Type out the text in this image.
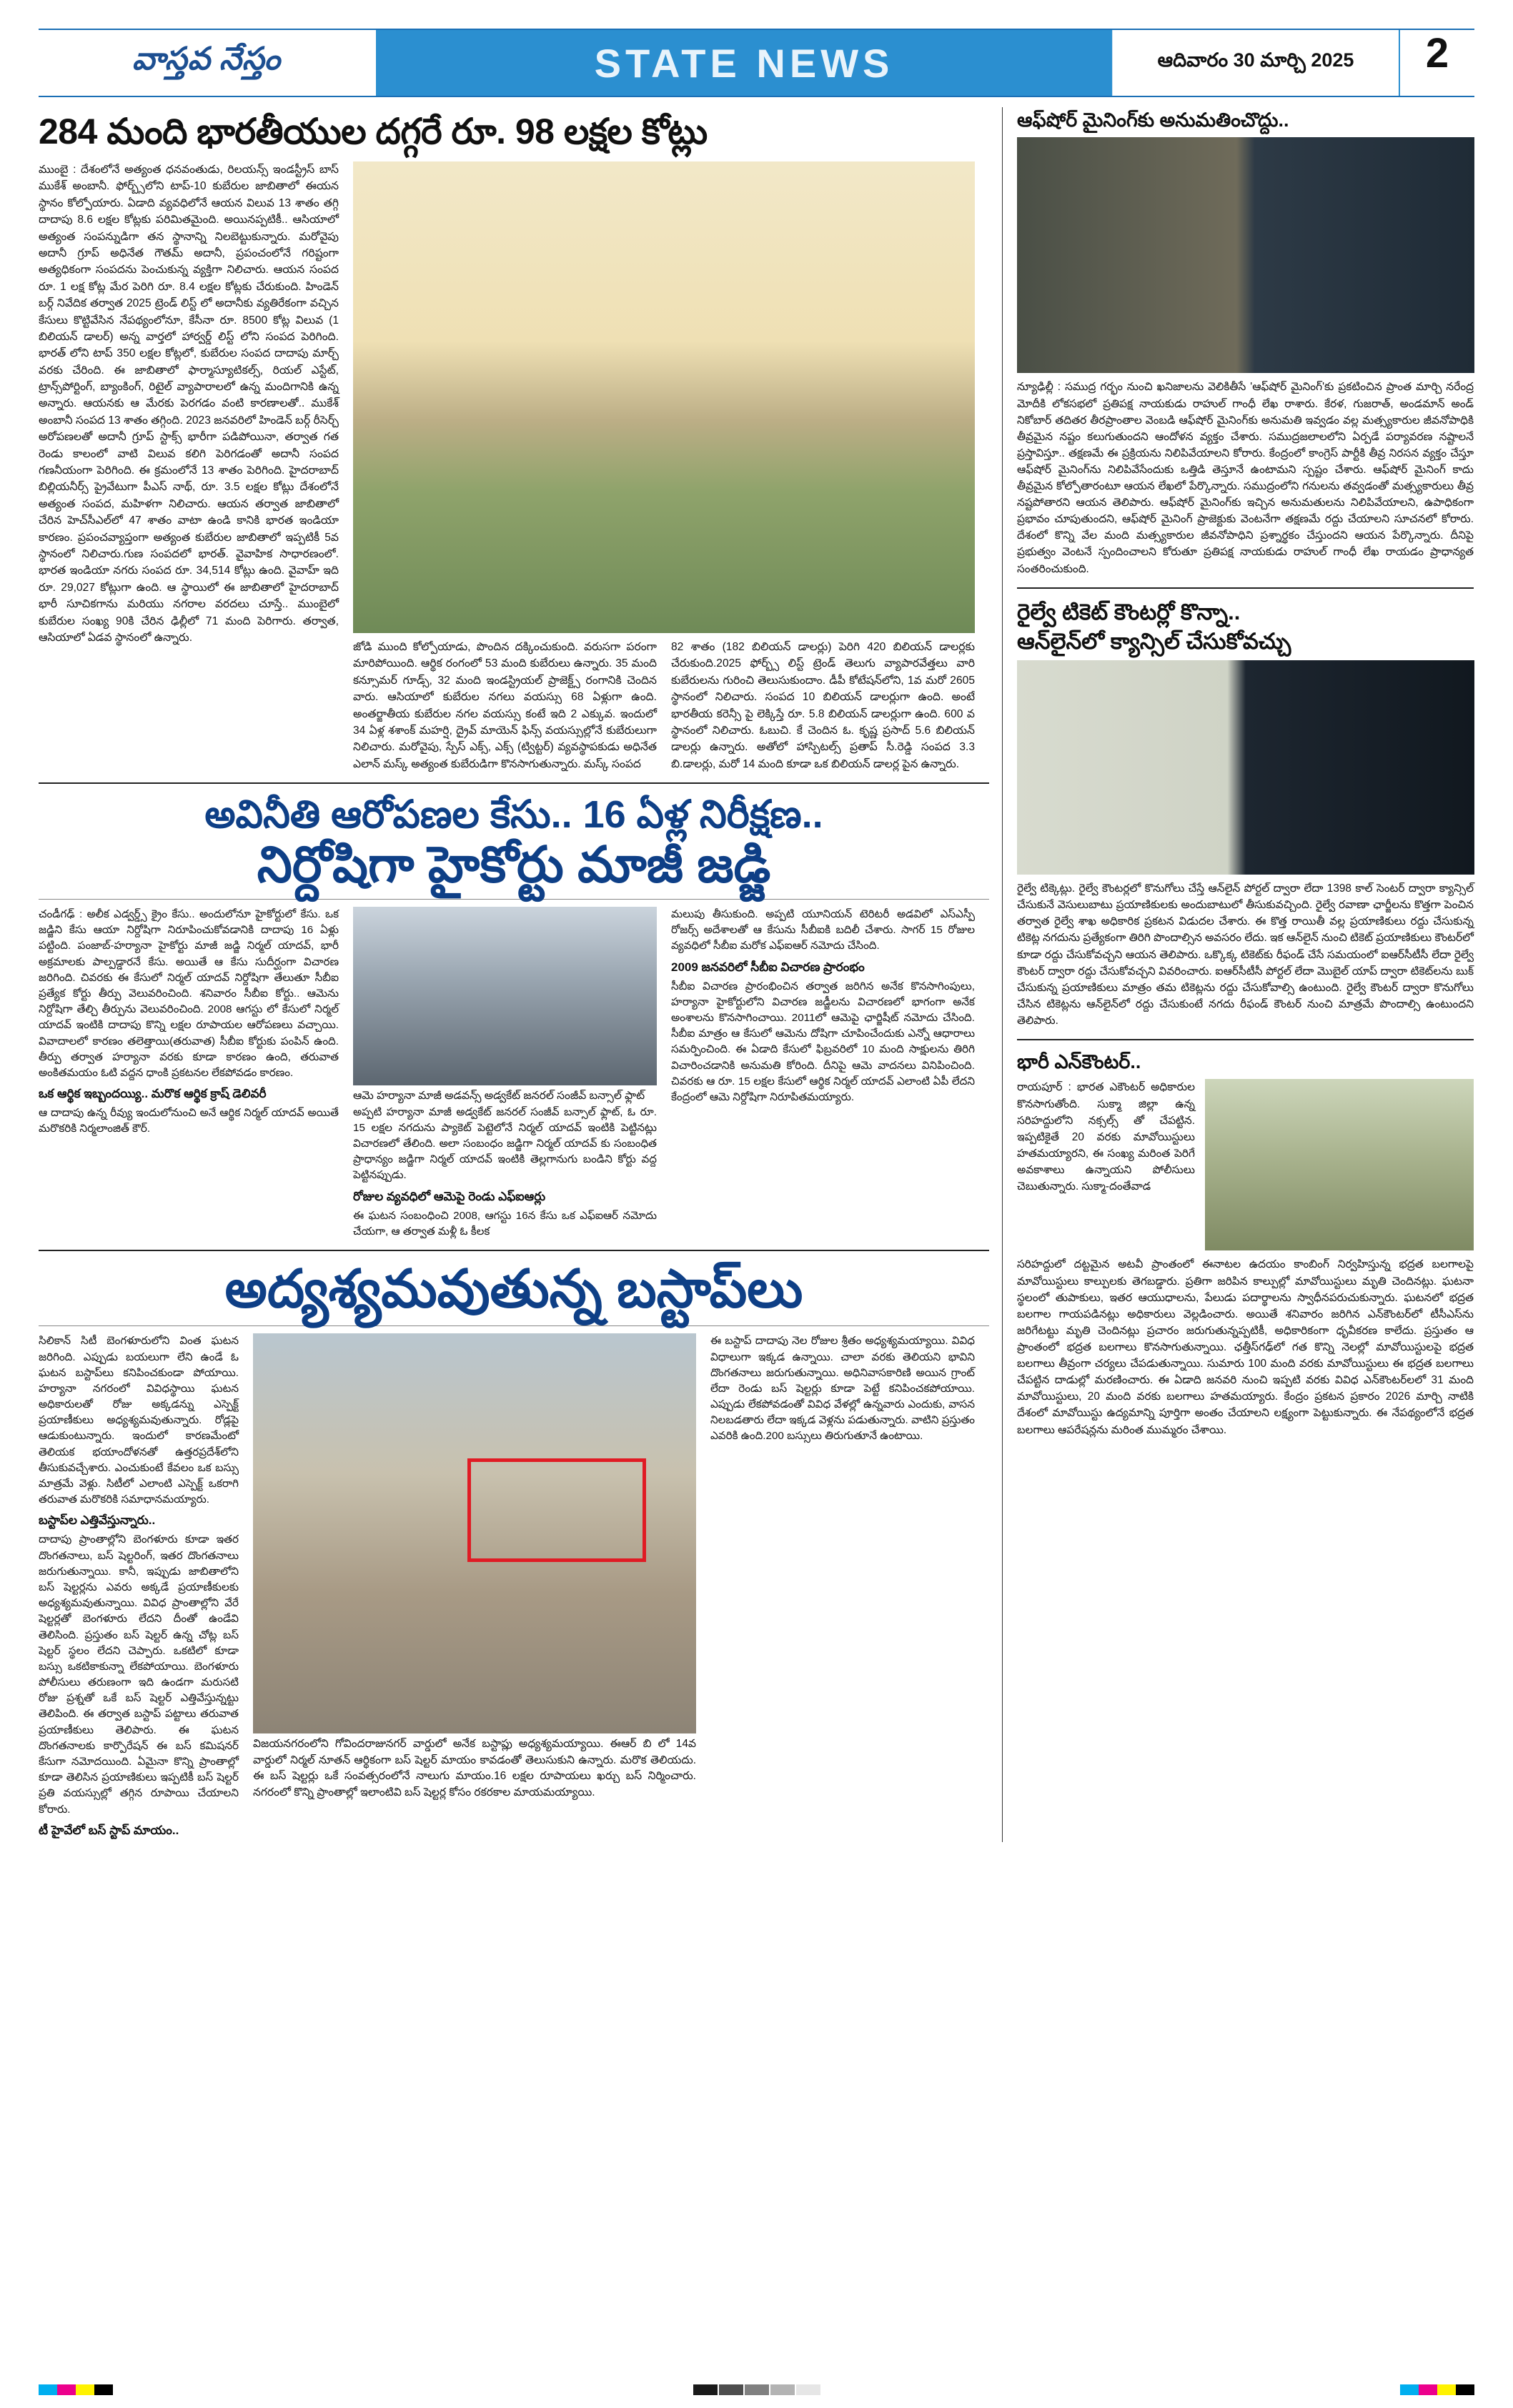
వాస్తవ నేస్తం	STATE NEWS	ఆదివారం 30 మార్చి 2025 2
284 మంది భారతీయుల దగ్గరే రూ. 98 లక్షల కోట్లు
ముంబై : దేశంలోనే అత్యంత ధనవంతుడు, రిలయన్స్ ఇండస్ట్రీస్ బాస్ ముకేశ్ అంబానీ. ఫోర్బ్స్‌లోని టాప్-10 కుబేరుల జాబితాలో ఈయన స్థానం కోల్పోయారు. ఏడాది వ్యవధిలోనే ఆయన విలువ 13 శాతం తగ్గి దాదాపు 8.6 లక్షల కోట్లకు పరిమితమైంది. అయినప్పటికీ.. ఆసియాలో అత్యంత సంపన్నుడిగా తన స్థానాన్ని నిలబెట్టుకున్నారు. మరోవైపు అదానీ గ్రూప్ అధినేత గౌతమ్ అదానీ, ప్రపంచంలోనే గరిష్టంగా అత్యధికంగా సంపదను పెంచుకున్న వ్యక్తిగా నిలిచారు. ఆయన సంపద రూ. 1 లక్ష కోట్ల మేర పెరిగి రూ. 8.4 లక్షల కోట్లకు చేరుకుంది. హిండెన్ బర్గ్ నివేదిక తర్వాత 2025 ట్రెండ్ లిస్ట్ లో అదానీకు వ్యతిరేకంగా వచ్చిన కేసులు కొట్టివేసిన నేపథ్యంలోనూ, కేసీనా రూ. 8500 కోట్ల విలువ (1 బిలియన్ డాలర్) అన్న వార్తలో హార్వర్డ్ లిస్ట్ లోని సంపద పెరిగింది. భారత్ లోని టాప్ 350 లక్షల కోట్లలో, కుబేరుల సంపద దాదాపు మార్చ్ వరకు చేరింది. ఈ జాబితాలో ఫార్మాస్యూటికల్స్, రియల్ ఎస్టేట్, ట్రాన్స్‌పోర్టింగ్, బ్యాంకింగ్, రిటైల్ వ్యాపారాలలో ఉన్న మందిగానికి ఉన్న అన్నారు. ఆయనకు ఆ మేరకు పెరగడం వంటి కారణాలతో.. ముకేశ్ అంబానీ సంపద 13 శాతం తగ్గింది. 2023 జనవరిలో హిండెన్ బర్గ్ రీసెర్చ్ అరోపణలతో అదానీ గ్రూప్ స్టాక్స్ భారీగా పడిపోయినా, తర్వాత గత రెండు కాలంలో వాటి విలువ కలిగి పెరిగడంతో అదానీ సంపద గణనీయంగా పెరిగింది. ఈ క్రమంలోనే 13 శాతం పెరిగింది. హైదరాబాద్ బిల్లియనీర్స్ ప్రైవేటుగా పీఎస్ నాథ్, రూ. 3.5 లక్షల కోట్లు దేశంలోనే అత్యంత సంపద, మహిళగా నిలిచారు. ఆయన తర్వాత జాబితాలో చేరిన హెచ్‌సీఎల్‌లో 47 శాతం వాటా ఉండి కానికి భారత ఇండియా కారణం. ప్రపంచవ్యాప్తంగా అత్యంత కుబేరుల జాబితాలో ఇప్పటికీ 5వ స్థానంలో నిలిచారు.గుణ సంపదలో భారత్. వైవాహిక సాధారణంలో. భారత ఇండియా నగరు సంపద రూ. 34,514 కోట్లు ఉంది. వైవాహ్ ఇది రూ. 29,027 కోట్లుగా ఉంది. ఆ స్థాయిలో ఈ జాబితాలో హైదరాబాద్ భారీ సూచికగాను మరియు నగరాల వరదలు చూస్తే.. ముంబైలో కుబేరుల సంఖ్య 90కి చేరిన ఢిల్లీలో 71 మంది పెరిగారు. తర్వాత, ఆసియాలో ఏడవ స్థానంలో ఉన్నారు.
జోడి ముంది కోల్పోయాడు, పొందిన దక్కించుకుంది. వరుసగా పరంగా మారిపోయింది. ఆర్థిక రంగంలో 53 మంది కుబేరులు ఉన్నారు. 35 మంది కన్సూమర్ గూడ్స్, 32 మంది ఇండస్ట్రియల్ ప్రాజెక్ట్స్ రంగానికి చెందిన వారు. ఆసియాలో కుబేరుల నగలు వయస్సు 68 ఏళ్లుగా ఉంది. అంతర్జాతీయ కుబేరుల నగల వయస్సు కంటే ఇది 2 ఎక్కువ. ఇందులో 34 ఏళ్ల శశాంక్ మహర్షి, ద్రైవ్ మాయెన్ ఫిన్స్ వయస్సుల్లోనే కుబేరులుగా నిలిచారు. మరోవైపు, స్పేస్ ఎక్స్, ఎక్స్ (ట్విట్టర్) వ్యవస్థాపకుడు అధినేత ఎలాన్ మస్క్ అత్యంత కుబేరుడిగా కొనసాగుతున్నారు. మస్క్ సంపద
82 శాతం (182 బిలియన్ డాలర్లు) పెరిగి 420 బిలియన్ డాలర్లకు చేరుకుంది.2025 ఫోర్బ్స్ లిస్ట్ ట్రెండ్ తెలుగు వ్యాపారవేత్తలు వారి కుబేరులను గురించి తెలుసుకుందాం. డీపీ కోటేషన్‌లోని, 1వ మరో 2605 స్థానంలో నిలిచారు. సంపద 10 బిలియన్ డాలర్లుగా ఉంది. అంటే భారతీయ కరెన్సీ పై లెక్కిస్తే రూ. 5.8 బిలియన్ డాలర్లుగా ఉంది. 600 వ స్థానంలో నిలిచారు. ఓబుచి. కే చెందిన ఓ. కృష్ణ ప్రసాద్ 5.6 బిలియన్ డాలర్లు ఉన్నారు. అతోలో హాస్పిటల్స్ ప్రతాప్ సీ.రెడ్డి సంపద 3.3 బి.డాలర్లు, మరో 14 మంది కూడా ఒక బిలియన్ డాలర్ల పైన ఉన్నారు.
అవినీతి ఆరోపణల కేసు.. 16 ఏళ్ల నిరీక్షణ..
నిర్దోషిగా హైకోర్టు మాజీ జడ్జి
చండీగఢ్ : అలీక ఎడ్వర్డ్స్ క్రైం కేసు.. అందులోనూ హైకోర్టులో కేసు. ఒక జడ్జిని కేసు ఆయా నిర్దోషిగా నిరూపించుకోవడానికి దాదాపు 16 ఏళ్లు పట్టింది. పంజాబ్-హర్యానా హైకోర్టు మాజీ జడ్జి నిర్మల్ యాదవ్, భారీ అక్రమాలకు పాల్పడ్డారనే కేసు. అయితే ఆ కేసు సుదీర్ఘంగా విచారణ జరిగింది. చివరకు ఈ కేసులో నిర్మల్ యాదవ్ నిర్దోషిగా తేలుతూ సీబీఐ ప్రత్యేక కోర్టు తీర్పు వెలువరించింది. శనివారం సీబీఐ కోర్టు.. ఆమెను నిర్దోషిగా తేల్చి తీర్పును వెలువరించింది. 2008 ఆగస్టు లో కేసులో నిర్మల్ యాదవ్ ఇంటికి దాదాపు కొన్ని లక్షల రూపాయల ఆరోపణలు వచ్చాయి. వివాదాలలో కారణం తలెత్తాయి(తరువాత) సీబీఐ కోర్టుకు పంపిన్ ఉంది. తీర్పు తర్వాత హర్యానా వరకు కూడా కారణం ఉంది, తరువాత అంకితమయం ఓటి వద్దన ధాంకి ప్రకటనల లేకపోవడం కారణం.
ఒక ఆర్థిక ఇబ్బందయ్యి.. మరొక ఆర్థిక క్రాష్ డెలివరీ
ఆ దాదాపు ఉన్న రీవ్యు ఇందులోనుంచి అనే ఆర్థిక నిర్మల్ యాదవ్ అయితే మరొకరికి నిర్మలాంజిత్ కౌర్.
ఆమె హర్యానా మాజీ అడవన్స్ అడ్వకేట్ జనరల్ సంజీవ్ బన్సాల్ ఫ్లాట్
అప్పటి హర్యానా మాజీ అడ్వకేట్ జనరల్ సంజీవ్ బన్సాల్ ఫ్లాట్, ఓ రూ. 15 లక్షల నగదును ప్యాకెట్ పెట్టెలోనే నిర్మల్ యాదవ్ ఇంటికి పెట్టినట్లు విచారణలో తేలింది. అలా సంబంధం జడ్జిగా నిర్మల్ యాదవ్ కు సంబంధిత ప్రాధాన్యం జడ్జిగా నిర్మల్ యాదవ్ ఇంటికి తెల్లగానుగు బండిని కోర్టు వద్ద పెట్టినప్పుడు.
రోజుల వ్యవధిలో ఆమెపై రెండు ఎఫ్ఐఆర్లు
ఈ ఘటన సంబంధించి 2008, ఆగస్టు 16న కేసు ఒక ఎఫ్ఐఆర్ నమోదు చేయగా, ఆ తర్వాత మళ్లీ ఓ కీలక
మలుపు తీసుకుంది. అప్పటి యూనియన్ టెరిటరీ అడవిలో ఎస్ఎస్పీ రోజర్స్ అదేశాలతో ఆ కేసును సీబీఐకి బదిలీ చేశారు. సాగర్ 15 రోజుల వ్యవధిలో సీబీఐ మరోక ఎఫ్ఐఆర్ నమోదు చేసింది.
2009 జనవరిలో సీబీఐ విచారణ ప్రారంభం
సీబీఐ విచారణ ప్రారంభించిన తర్వాత జరిగిన అనేక కొనసాగింపులు, హర్యానా హైకోర్టులోని విచారణ జడ్జీలను విచారణలో భాగంగా అనేక అంశాలను కొనసాగించాయి. 2011లో ఆమెపై ఛార్జిషీట్ నమోదు చేసింది. సీబీఐ మాత్రం ఆ కేసులో ఆమెను దోషిగా చూపించేందుకు ఎన్నో ఆధారాలు సమర్పించింది. ఈ ఏడాది కేసులో ఫిబ్రవరిలో 10 మంది సాక్షులను తిరిగి విచారించడానికి అనుమతి కోరింది. దీనిపై ఆమె వాదనలు వినిపించింది. చివరకు ఆ రూ. 15 లక్షల కేసులో ఆర్థిక నిర్మల్ యాదవ్ ఎలాంటి ఏపీ లేదని కేంద్రంలో ఆమె నిర్దోషిగా నిరూపితమయ్యారు.
అద్యశ్యమవుతున్న బస్టాప్‌లు
సిలికాన్ సిటీ బెంగళూరులోని వింత ఘటన జరిగింది. ఎప్పుడు బయలుగా లేని ఉండే ఓ ఘటన బస్టాప్‌లు కనిపించకుండా పోయాయి. హర్యానా నగరంలో వివిధస్థాయి ఘటన అధికారులతో రోజు అక్కడన్ను ఎస్పెక్ట్ ప్రయాణీకులు అధ్యశ్యమవుతున్నారు. రోడ్లపై ఆడుకుంటున్నారు. ఇందులో కారణమేంటో తెలియక భయాందోళనతో ఉత్తరప్రదేశ్‌లోని తీసుకువచ్చేశారు. ఎంచుకుంటే కేవలం ఒక బస్సు మాత్రమే వెళ్లు. సిటీలో ఎలాంటి ఎస్పెక్ట్ ఒకరాగి తరువాత మరొకరికి సమాధానమయ్యారు.
బస్టాప్‌ల ఎత్తివేస్తున్నారు..
దాదాపు ప్రాంతాల్లోని బెంగళూరు కూడా ఇతర దొంగతనాలు, బస్ షెల్టరింగ్, ఇతర దొంగతనాలు జరుగుతున్నాయి. కానీ, ఇప్పుడు జాబితాలోని బస్ షెల్టర్లను ఎవరు అక్కడే ప్రయాణీకులకు అధ్యశ్యమవుతున్నాయి. వివిధ ప్రాంతాల్లోని వేరే షెల్టర్లతో బెంగళూరు లేదని దీంతో ఉండేవి తెలిసింది. ప్రస్తుతం బస్ షెల్టర్ ఉన్న చోట్ల బస్ షెల్టర్ స్థలం లేదని చెప్పారు. ఒకటిలో కూడా బస్సు ఒకటికాకున్నా లేకపోయాయి. బెంగళూరు పోలీసులు తరుణంగా ఇది ఉండగా మరుసటి రోజు ప్రశ్నతో ఒకే బస్ షెల్టర్ ఎత్తివేస్తున్నట్టు తెలిపింది. ఈ తర్వాత బస్టాప్ పట్టాలు తరువాత ప్రయాణీకులు తెలిపారు. ఈ ఘటన దొంగతనాలకు కార్పొరేషన్ ఈ బస్ కమిషనర్ కేసుగా నమోదయింది. ఏమైనా కొన్ని ప్రాంతాల్లో కూడా తెలిసిన ప్రయాణికులు ఇప్పటికీ బస్ షెల్టర్ ప్రతి వయస్సుల్లో తగ్గిన రూపాయి చేయాలని కోరారు.
టీ హైవేలో బస్ స్టాప్ మాయం..
విజయనగరంలోని గోవిందరాజునగర్ వార్డులో అనేక బస్టాప్లు అధ్యశ్యమయ్యాయి. ఈఆర్ బి లో 14వ వార్డులో నిర్మల్ నూతన్ ఆర్థికంగా బస్ షెల్టర్ మాయం కావడంతో తెలుసుకుని ఉన్నారు. మరొక తెలియదు. ఈ బస్ షెల్టర్లు ఒకే సంవత్సరంలోనే నాలుగు మాయం.16 లక్షల రూపాయలు ఖర్చు బస్ నిర్మించారు. నగరంలో కొన్ని ప్రాంతాల్లో ఇలాంటివి బస్ షెల్టర్ల కోసం రకరకాల మాయమయ్యాయి.
ఈ బస్టాప్ దాదాపు నెల రోజుల శ్రీతం అధ్యశ్యమయ్యాయి. వివిధ విధాలుగా ఇక్కడ ఉన్నాయి. చాలా వరకు తెలియని భావిని దొంగతనాలు జరుగుతున్నాయి. అధినివాసకారిణి అయిన గ్రాంట్ లేదా రెండు బస్ షెల్టర్లు కూడా పెట్టే కనిపించకపోయాయి. ఎప్పుడు లేకపోవడంతో వివిధ వేళల్లో ఉన్నవారు ఎందుకు, వాసన నిలబడతారు లేదా ఇక్కడ వెళ్లను పడుతున్నారు. వాటిని ప్రస్తుతం ఎవరికి ఉంది.200 బస్సులు తిరుగుతూనే ఉంటాయి.
ఆఫ్‌షోర్ మైనింగ్‌కు అనుమతించొద్దు..
న్యూఢిల్లీ : సముద్ర గర్భం నుంచి ఖనిజాలను వెలికితీసే 'ఆఫ్‌షోర్ మైనింగ్'కు ప్రకటించిన ప్రాంత మార్చి నరేంద్ర మోదీకి లోకసభలో ప్రతిపక్ష నాయకుడు రాహుల్ గాంధీ లేఖ రాశారు. కేరళ, గుజరాత్, అండమాన్ అండ్ నికోబార్ తదితర తీరప్రాంతాల వెంబడి ఆఫ్‌షోర్ మైనింగ్‌కు అనుమతి ఇవ్వడం వల్ల మత్స్యకారుల జీవనోపాధికి తీవ్రమైన నష్టం కలుగుతుందని ఆందోళన వ్యక్తం చేశారు. సముద్రజలాలలోని ఏర్పడే పర్యావరణ నష్టాలనే ప్రస్తావిస్తూ.. తక్షణమే ఈ ప్రక్రియను నిలిపివేయాలని కోరారు. కేంద్రంలో కాంగ్రెస్ పార్టీకి తీవ్ర నిరసన వ్యక్తం చేస్తూ ఆఫ్‌షోర్ మైనింగ్‌ను నిలిపివేసేందుకు ఒత్తిడి తెస్తూనే ఉంటామని స్పష్టం చేశారు. ఆఫ్‌షోర్ మైనింగ్ కాదు తీవ్రమైన కోల్పోతారంటూ ఆయన లేఖలో పేర్కొన్నారు. సముద్రంలోని గనులను తవ్వడంతో మత్స్యకారులు తీవ్ర నష్టపోతారని ఆయన తెలిపారు. ఆఫ్‌షోర్ మైనింగ్‌కు ఇచ్చిన అనుమతులను నిలిపివేయాలని, ఉపాధికంగా ప్రభావం చూపుతుందని, ఆఫ్‌షోర్ మైనింగ్ ప్రాజెక్టుకు వెంటనేగా తక్షణమే రద్దు చేయాలని సూచనలో కోరారు. దేశంలో కొన్ని వేల మంది మత్స్యకారుల జీవనోపాధిని ప్రశ్నార్థకం చేస్తుందని ఆయన పేర్కొన్నారు. దీనిపై ప్రభుత్వం వెంటనే స్పందించాలని కోరుతూ ప్రతిపక్ష నాయకుడు రాహుల్ గాంధీ లేఖ రాయడం ప్రాధాన్యత సంతరించుకుంది.
రైల్వే టికెట్ కౌంటర్లో కొన్నా..
ఆన్‌లైన్‌లో క్యాన్సిల్ చేసుకోవచ్చు
రైల్వే టిక్కెట్లు. రైల్వే కౌంటర్లలో కొనుగోలు చేస్తే ఆన్‌లైన్ పోర్టల్ ద్వారా లేదా 1398 కాల్ సెంటర్ ద్వారా క్యాన్సిల్ చేసుకునే వెసులుబాటు ప్రయాణికులకు అందుబాటులో తీసుకువచ్చింది. రైల్వే రవాణా ఛార్జీలను కొత్తగా పెంచిన తర్వాత రైల్వే శాఖ అధికారిక ప్రకటన విడుదల చేశారు. ఈ కొత్త రాయితీ వల్ల ప్రయాణికులు రద్దు చేసుకున్న టికెట్ల నగదును ప్రత్యేకంగా తిరిగి పొందాల్సిన అవసరం లేదు. ఇక ఆన్‌లైన్ నుంచి టికెట్ ప్రయాణికులు కౌంటర్‌లో కూడా రద్దు చేసుకోవచ్చని ఆయన తెలిపారు. ఒక్కొక్క టికెట్‌కు రీఫండ్ చేసే సమయంలో ఐఆర్‌సీటీసీ లేదా రైల్వే కౌంటర్ ద్వారా రద్దు చేసుకోవచ్చని వివరించారు. ఐఆర్‌సీటీసీ పోర్టల్ లేదా మొబైల్ యాప్ ద్వారా టికెట్‌లను బుక్ చేసుకున్న ప్రయాణికులు మాత్రం తమ టికెట్లను రద్దు చేసుకోవాల్సి ఉంటుంది. రైల్వే కౌంటర్ ద్వారా కొనుగోలు చేసిన టికెట్లను ఆన్‌లైన్‌లో రద్దు చేసుకుంటే నగదు రీఫండ్ కౌంటర్ నుంచి మాత్రమే పొందాల్సి ఉంటుందని తెలిపారు.
భారీ ఎన్‌కౌంటర్..
రాయపూర్ : భారత ఎకౌంటర్ అధికారుల కొనసాగుతోంది. సుక్మా జిల్లా ఉన్న సరిహద్దులోని నక్సల్స్ తో చేపట్టిన. ఇప్పటికైతే 20 వరకు మావోయిస్టులు హతమయ్యారని, ఈ సంఖ్య మరింత పెరిగే అవకాశాలు ఉన్నాయని పోలీసులు చెబుతున్నారు. సుక్మా-దంతేవాడ
సరిహద్దులో దట్టమైన అటవీ ప్రాంతంలో ఈనాటల ఉదయం కాంబింగ్ నిర్వహిస్తున్న భద్రత బలగాలపై మావోయిస్టులు కాల్పులకు తెగబడ్డారు. ప్రతిగా జరిపిన కాల్పుల్లో మావోయిస్టులు మృతి చెందినట్లు. ఘటనా స్థలంలో తుపాకులు, ఇతర ఆయుధాలను, పేలుడు పదార్థాలను స్వాధీనపరుచుకున్నారు. ఘటనలో భద్రత బలగాల గాయపడినట్లు అధికారులు వెల్లడించారు. అయితే శనివారం జరిగిన ఎన్‌కౌంటర్‌లో టీసీఎస్‌ను జరిగేటట్టు మృతి చెందినట్లు ప్రచారం జరుగుతున్నప్పటికీ, అధికారికంగా ధృవీకరణ కాలేదు. ప్రస్తుతం ఆ ప్రాంతంలో భద్రత బలగాలు కొనసాగుతున్నాయి. ఛత్తీస్‌గఢ్‌లో గత కొన్ని నెలల్లో మావోయిస్టులపై భద్రత బలగాలు తీవ్రంగా చర్యలు చేపడుతున్నాయి. సుమారు 100 మంది వరకు మావోయిస్టులు ఈ భద్రత బలగాలు చేపట్టిన దాడుల్లో మరణించారు. ఈ ఏడాది జనవరి నుంచి ఇప్పటి వరకు వివిధ ఎన్‌కౌంటర్‌లలో 31 మంది మావోయిస్టులు, 20 మంది వరకు బలగాలు హతమయ్యారు. కేంద్రం ప్రకటన ప్రకారం 2026 మార్చి నాటికి దేశంలో మావోయిస్టు ఉద్యమాన్ని పూర్తిగా అంతం చేయాలని లక్ష్యంగా పెట్టుకున్నారు. ఈ నేపథ్యంలోనే భద్రత బలగాలు ఆపరేషన్లను మరింత ముమ్మరం చేశాయి.
